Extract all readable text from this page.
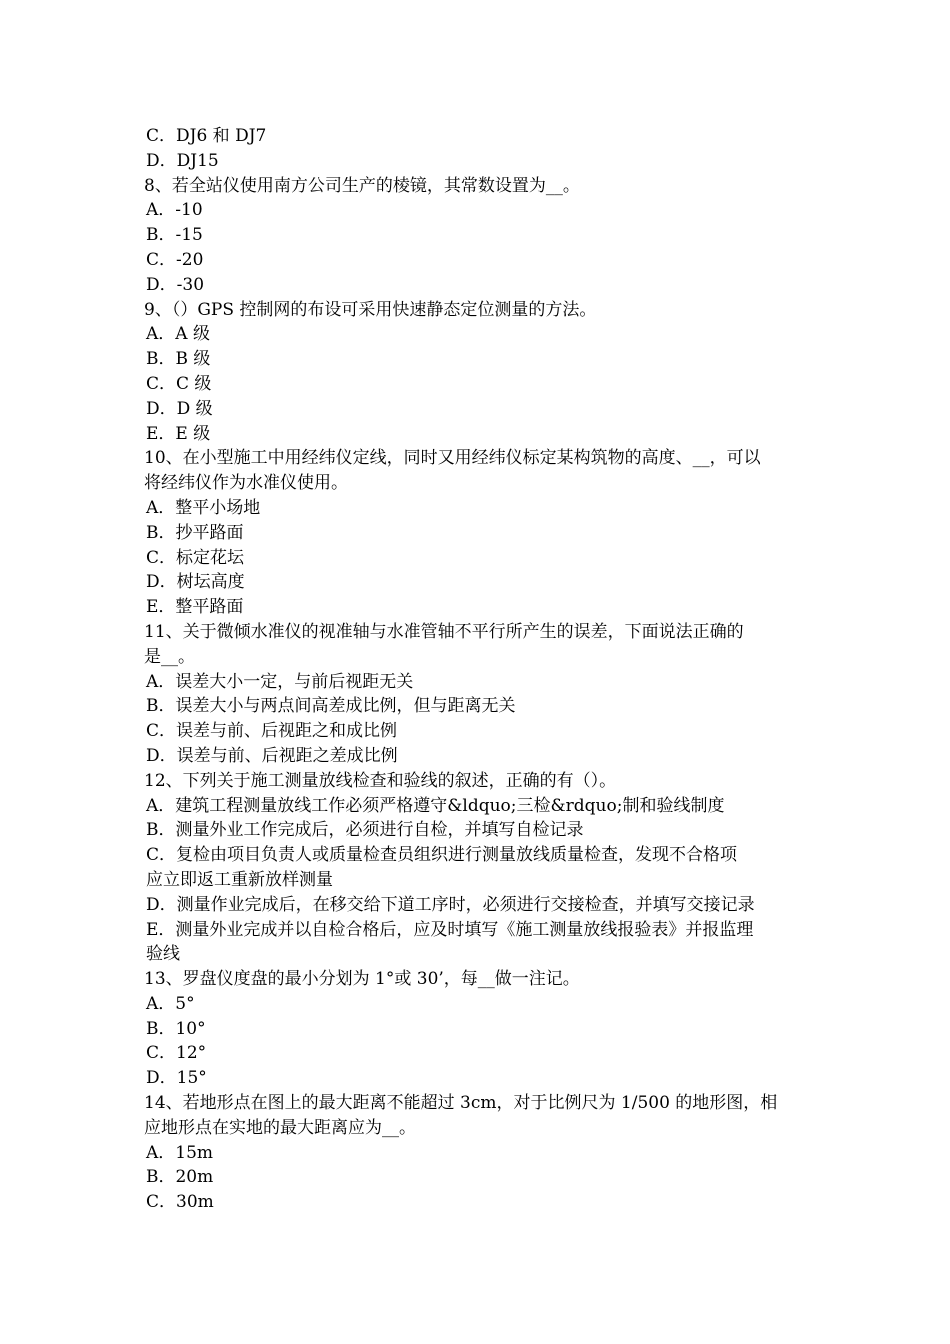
C．DJ6 和 DJ7
D．DJ15
8、若全站仪使用南方公司生产的棱镜，其常数设置为__。
A．-10
B．-15
C．-20
D．-30
9、（）GPS 控制网的布设可采用快速静态定位测量的方法。
A．A 级
B．B 级
C．C 级
D．D 级
E．E 级
10、在小型施工中用经纬仪定线，同时又用经纬仪标定某构筑物的高度、__，可以
将经纬仪作为水准仪使用。
A．整平小场地
B．抄平路面
C．标定花坛
D．树坛高度
E．整平路面
11、关于微倾水准仪的视准轴与水准管轴不平行所产生的误差，下面说法正确的
是__。
A．误差大小一定，与前后视距无关
B．误差大小与两点间高差成比例，但与距离无关
C．误差与前、后视距之和成比例
D．误差与前、后视距之差成比例
12、下列关于施工测量放线检查和验线的叙述，正确的有（）。
A．建筑工程测量放线工作必须严格遵守&ldquo;三检&rdquo;制和验线制度
B．测量外业工作完成后，必须进行自检，并填写自检记录
C．复检由项目负责人或质量检查员组织进行测量放线质量检查，发现不合格项
应立即返工重新放样测量
D．测量作业完成后，在移交给下道工序时，必须进行交接检查，并填写交接记录
E．测量外业完成并以自检合格后，应及时填写《施工测量放线报验表》并报监理
验线
13、罗盘仪度盘的最小分划为 1°或 30’，每__做一注记。
A．5°
B．10°
C．12°
D．15°
14、若地形点在图上的最大距离不能超过 3cm，对于比例尺为 1/500 的地形图，相
应地形点在实地的最大距离应为__。
A．15m
B．20m
C．30m
